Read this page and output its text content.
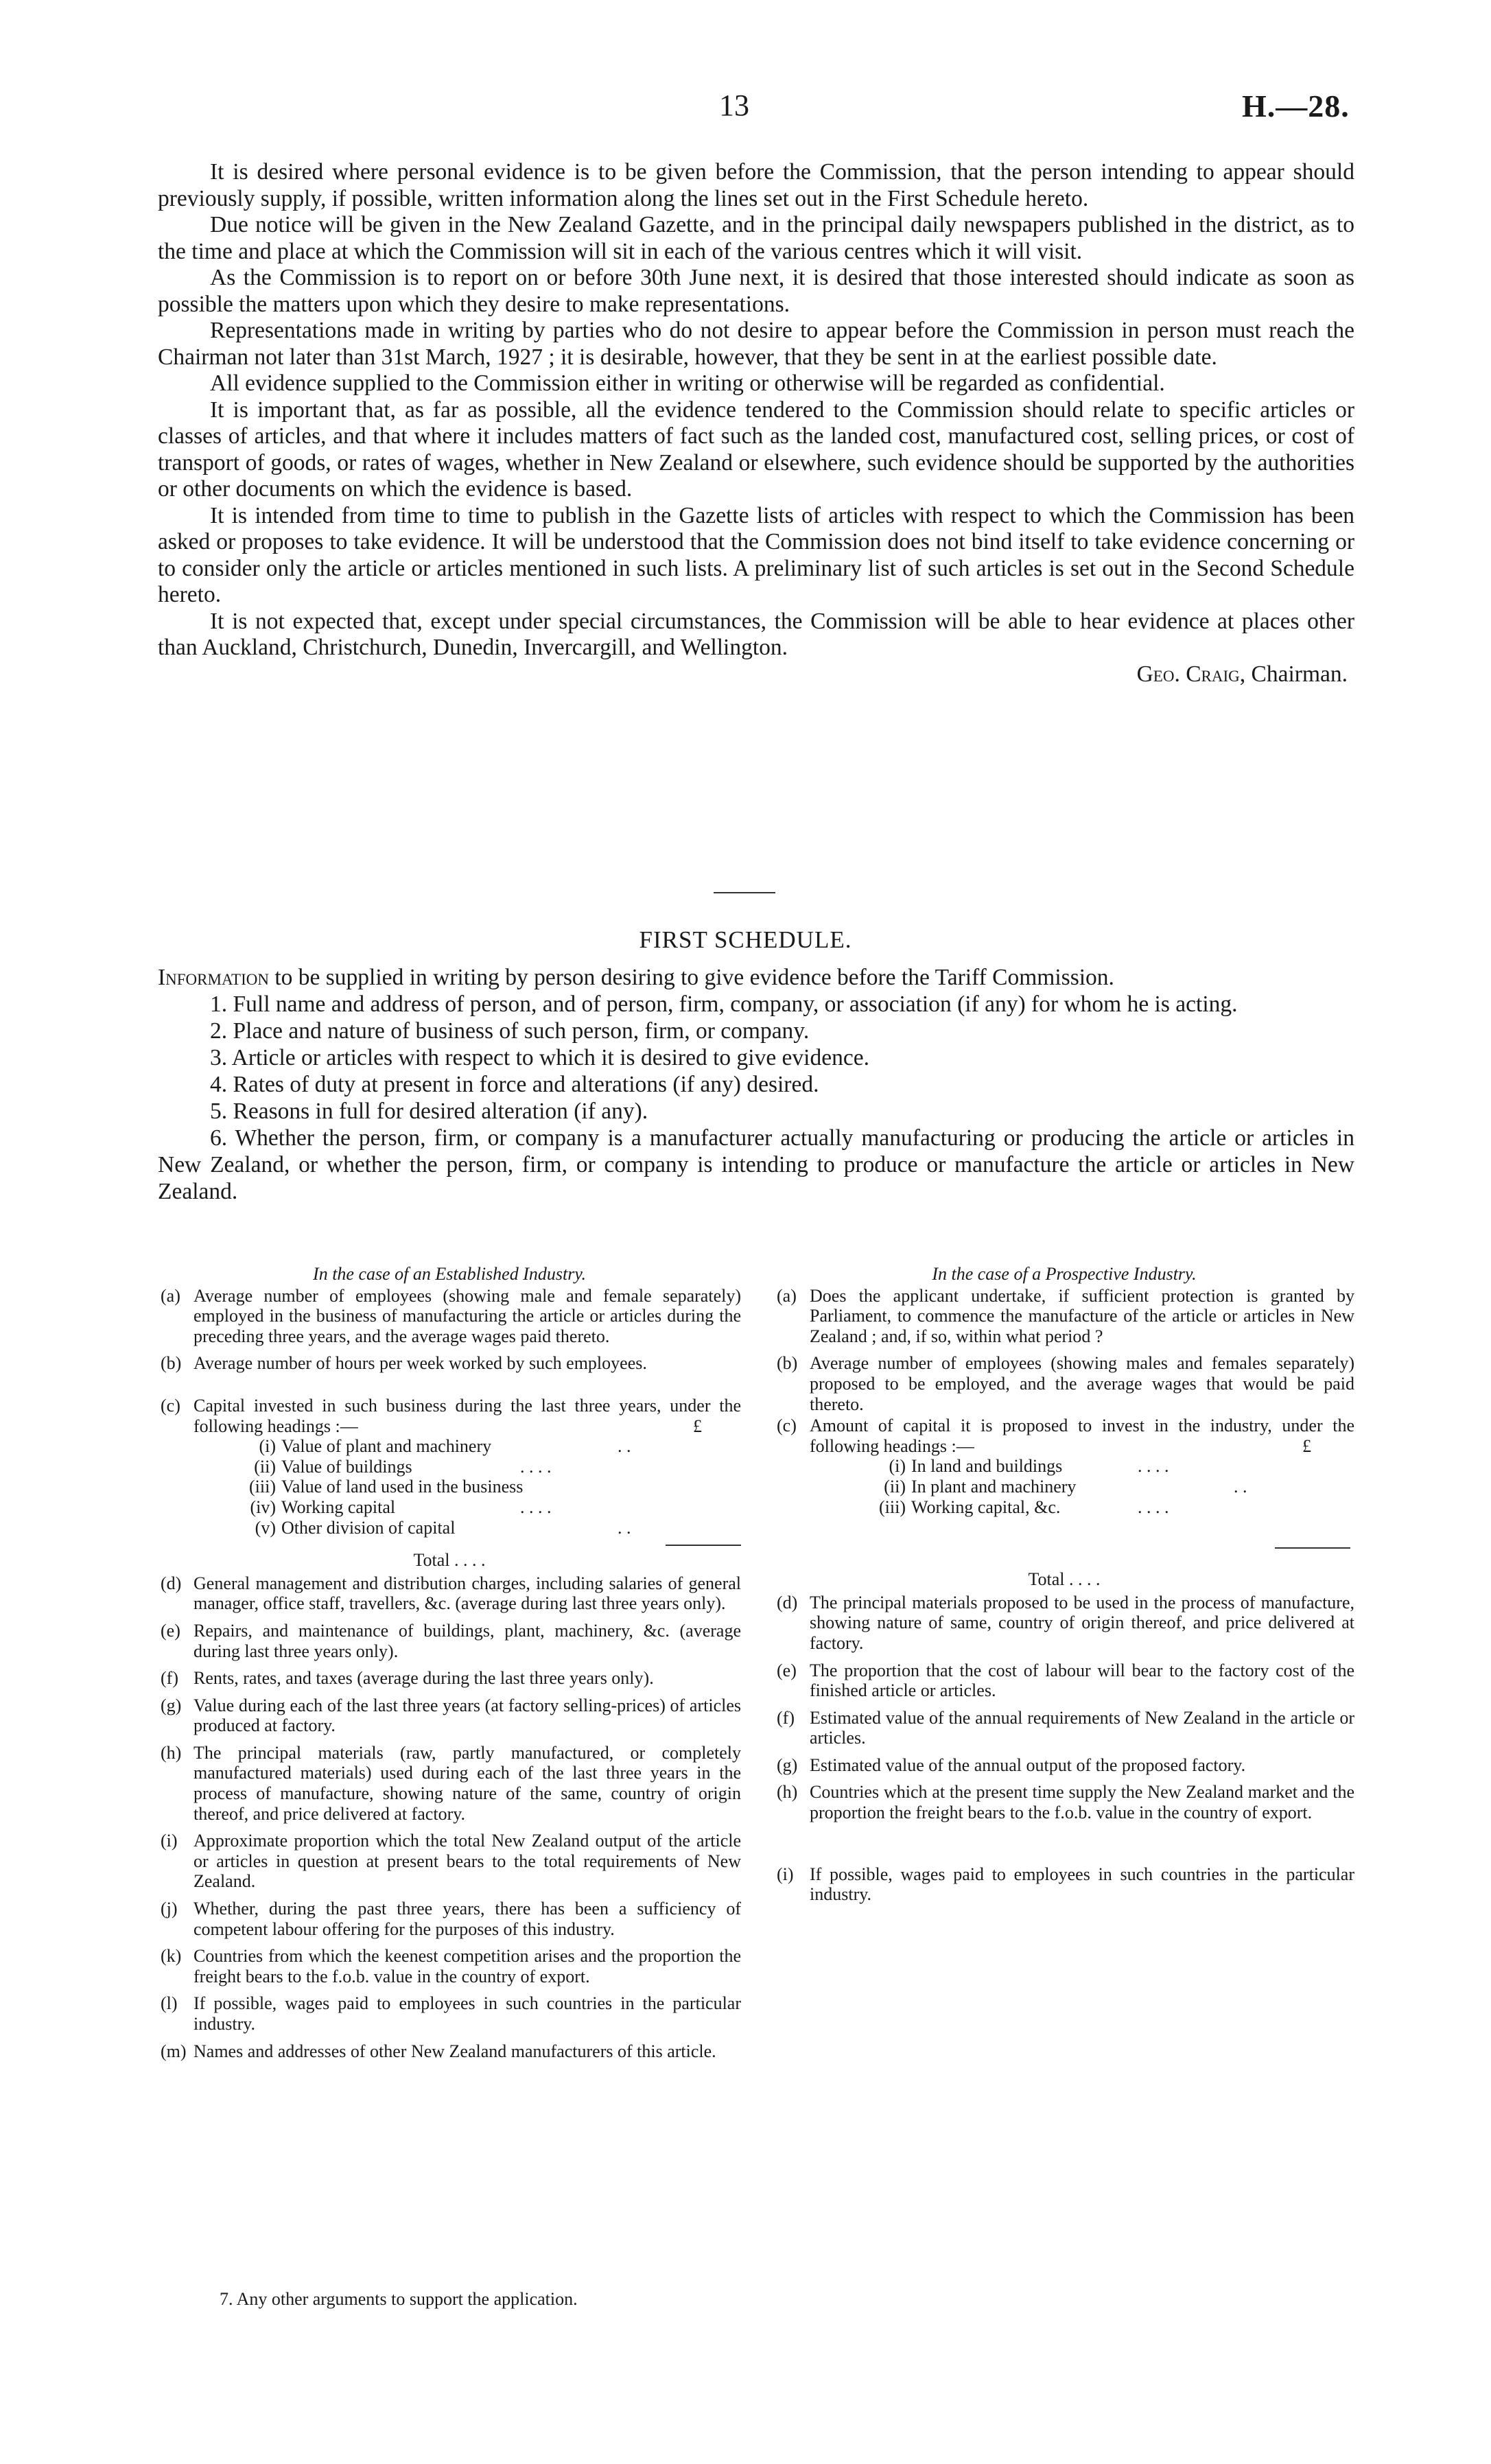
13	H.—28.

It is desired where personal evidence is to be given before the Commission, that the person intending to appear should previously supply, if possible, written information along the lines set out in the First Schedule hereto.

Due notice will be given in the New Zealand Gazette, and in the principal daily newspapers published in the district, as to the time and place at which the Commission will sit in each of the various centres which it will visit.

As the Commission is to report on or before 30th June next, it is desired that those interested should indicate as soon as possible the matters upon which they desire to make representations.

Representations made in writing by parties who do not desire to appear before the Commission in person must reach the Chairman not later than 31st March, 1927 ; it is desirable, however, that they be sent in at the earliest possible date.

All evidence supplied to the Commission either in writing or otherwise will be regarded as confidential.

It is important that, as far as possible, all the evidence tendered to the Commission should relate to specific articles or classes of articles, and that where it includes matters of fact such as the landed cost, manufactured cost, selling prices, or cost of transport of goods, or rates of wages, whether in New Zealand or elsewhere, such evidence should be supported by the authorities or other documents on which the evidence is based.

It is intended from time to time to publish in the Gazette lists of articles with respect to which the Commission has been asked or proposes to take evidence. It will be understood that the Commission does not bind itself to take evidence concerning or to consider only the article or articles mentioned in such lists. A preliminary list of such articles is set out in the Second Schedule hereto.

It is not expected that, except under special circumstances, the Commission will be able to hear evidence at places other than Auckland, Christchurch, Dunedin, Invercargill, and Wellington.

Geo. Craig, Chairman.
FIRST SCHEDULE.

Information to be supplied in writing by person desiring to give evidence before the Tariff Commission.

1. Full name and address of person, and of person, firm, company, or association (if any) for whom he is acting.

2. Place and nature of business of such person, firm, or company.

3. Article or articles with respect to which it is desired to give evidence.

4. Rates of duty at present in force and alterations (if any) desired.

5. Reasons in full for desired alteration (if any).

6. Whether the person, firm, or company is a manufacturer actually manufacturing or producing the article or articles in New Zealand, or whether the person, firm, or company is intending to produce or manufacture the article or articles in New Zealand.

In the case of an Established Industry.
(a) Average number of employees (showing male and female separately) employed in the business of manufacturing the article or articles during the preceding three years, and the average wages paid thereto.
(b) Average number of hours per week worked by such employees.
(c) Capital invested in such business during the last three years, under the following headings :—	£
(i) Value of plant and machinery	. .
(ii) Value of buildings	. . . .
(iii) Value of land used in the business
(iv) Working capital	. . . .
(v) Other division of capital	. .
Total . . . .
(d) General management and distribution charges, including salaries of general manager, office staff, travellers, &c. (average during last three years only).
(e) Repairs, and maintenance of buildings, plant, machinery, &c. (average during last three years only).
(f) Rents, rates, and taxes (average during the last three years only).
(g) Value during each of the last three years (at factory selling-prices) of articles produced at factory.
(h) The principal materials (raw, partly manufactured, or completely manufactured materials) used during each of the last three years in the process of manufacture, showing nature of the same, country of origin thereof, and price delivered at factory.
(i) Approximate proportion which the total New Zealand output of the article or articles in question at present bears to the total requirements of New Zealand.
(j) Whether, during the past three years, there has been a sufficiency of competent labour offering for the purposes of this industry.
(k) Countries from which the keenest competition arises and the proportion the freight bears to the f.o.b. value in the country of export.
(l) If possible, wages paid to employees in such countries in the particular industry.
(m) Names and addresses of other New Zealand manufacturers of this article.
In the case of a Prospective Industry.
(a) Does the applicant undertake, if sufficient protection is granted by Parliament, to commence the manufacture of the article or articles in New Zealand ; and, if so, within what period ?
(b) Average number of employees (showing males and females separately) proposed to be employed, and the average wages that would be paid thereto.
(c) Amount of capital it is proposed to invest in the industry, under the following headings :—	£
(i) In land and buildings	. . . .
(ii) In plant and machinery	. .
(iii) Working capital, &c.	. . . .
Total . . . .
(d) The principal materials proposed to be used in the process of manufacture, showing nature of same, country of origin thereof, and price delivered at factory.
(e) The proportion that the cost of labour will bear to the factory cost of the finished article or articles.
(f) Estimated value of the annual requirements of New Zealand in the article or articles.
(g) Estimated value of the annual output of the proposed factory.
(h) Countries which at the present time supply the New Zealand market and the proportion the freight bears to the f.o.b. value in the country of export.
(i) If possible, wages paid to employees in such countries in the particular industry.
7. Any other arguments to support the application.
